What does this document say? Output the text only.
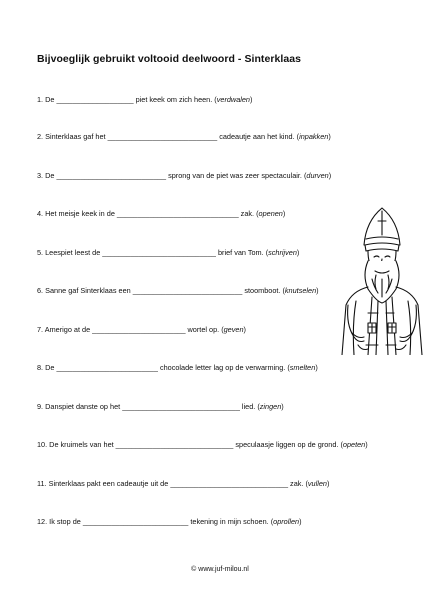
Bijvoeglijk gebruikt voltooid deelwoord - Sinterklaas
1. De ___________________ piet keek om zich heen. (verdwalen)
2. Sinterklaas gaf het ___________________________ cadeautje aan het kind. (inpakken)
3. De ___________________________ sprong van de piet was zeer spectaculair. (durven)
4. Het meisje keek in de ______________________________ zak. (openen)
5. Leespiet leest de ____________________________ brief van Tom. (schrijven)
6. Sanne gaf Sinterklaas een ___________________________ stoomboot. (knutselen)
7. Amerigo at de _______________________ wortel op. (geven)
8. De _________________________ chocolade letter lag op de verwarming. (smelten)
9. Danspiet danste op het _____________________________ lied. (zingen)
10. De kruimels van het _____________________________ speculaasje liggen op de grond. (opeten)
11. Sinterklaas pakt een cadeautje uit de _____________________________ zak. (vullen)
12. Ik stop de __________________________ tekening in mijn schoen. (oprollen)
© www.juf-milou.nl
